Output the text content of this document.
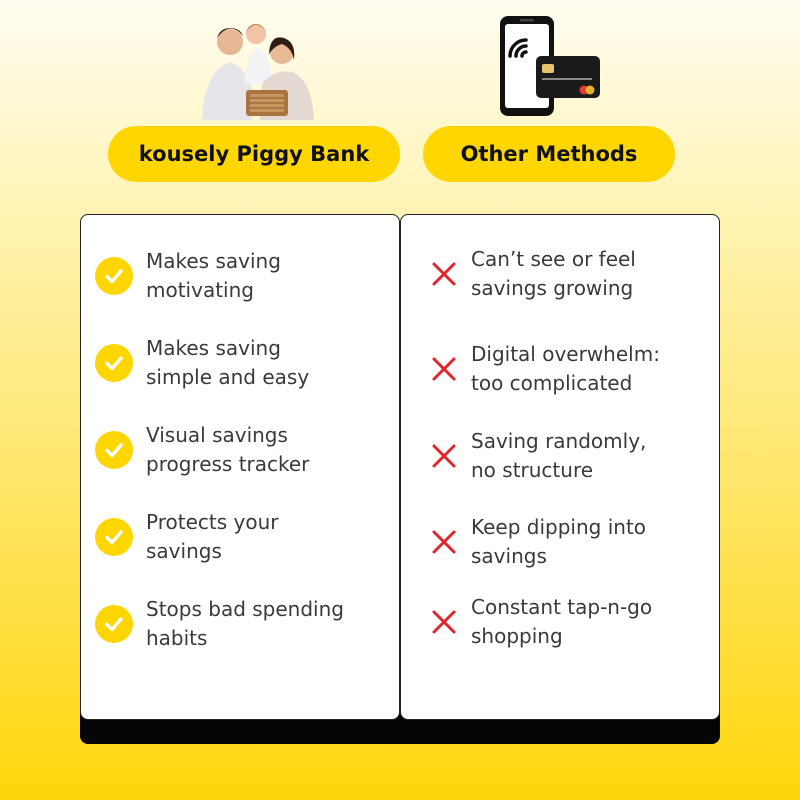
kousely Piggy Bank	Other Methods
Makes saving
motivating
Makes saving
simple and easy
Visual savings
progress tracker
Protects your
savings
Stops bad spending
habits
Can’t see or feel
savings growing
Digital overwhelm:
too complicated
Saving randomly,
no structure
Keep dipping into
savings
Constant tap-n-go
shopping
